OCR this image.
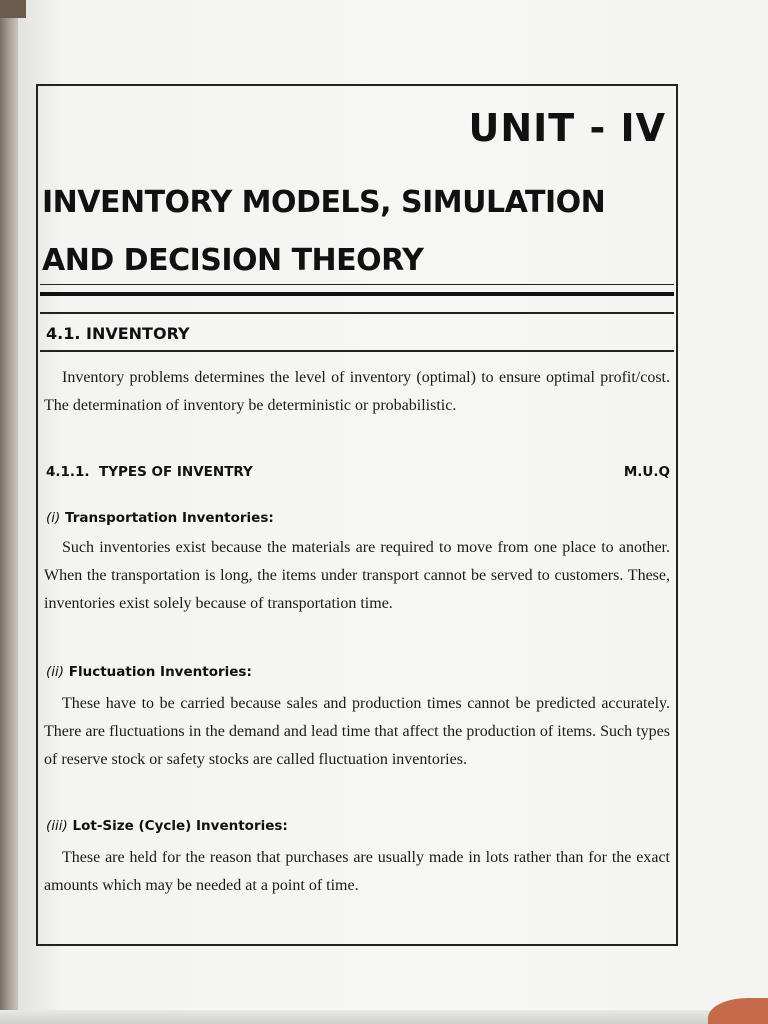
UNIT - IV
INVENTORY MODELS, SIMULATION AND DECISION THEORY
4.1. INVENTORY
Inventory problems determines the level of inventory (optimal) to ensure optimal profit/cost. The determination of inventory be deterministic or probabilistic.
4.1.1. TYPES OF INVENTRY	M.U.Q
(i) Transportation Inventories:
Such inventories exist because the materials are required to move from one place to another. When the transportation is long, the items under transport cannot be served to customers. These, inventories exist solely because of transportation time.
(ii) Fluctuation Inventories:
These have to be carried because sales and production times cannot be predicted accurately. There are fluctuations in the demand and lead time that affect the production of items. Such types of reserve stock or safety stocks are called fluctuation inventories.
(iii) Lot-Size (Cycle) Inventories:
These are held for the reason that purchases are usually made in lots rather than for the exact amounts which may be needed at a point of time.
